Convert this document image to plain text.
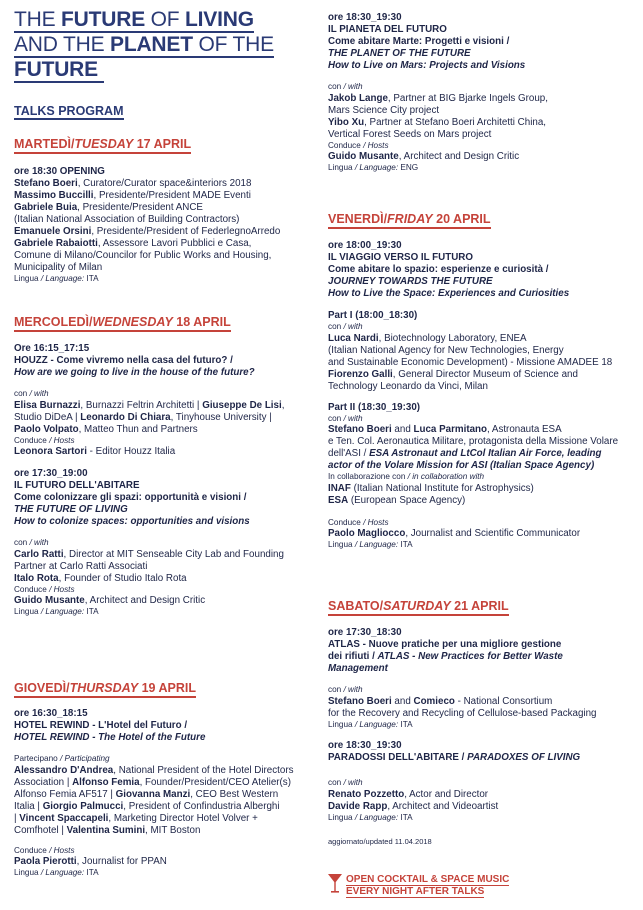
THE FUTURE OF LIVING
AND THE PLANET OF THE
FUTURE
TALKS PROGRAM
MARTEDÌ/TUESDAY 17 APRIL

ore 18:30 OPENING

Stefano Boeri, Curatore/Curator space&interiors 2018

Massimo Buccilli, Presidente/President MADE Eventi

Gabriele Buia, Presidente/President ANCE

(Italian National Association of Building Contractors)

Emanuele Orsini, Presidente/President of FederlegnoArredo

Gabriele Rabaiotti, Assessore Lavori Pubblici e Casa,

Comune di Milano/Councilor for Public Works and Housing,

Municipality of Milan

Lingua / Language: ITA

MERCOLEDÌ/WEDNESDAY 18 APRIL

Ore 16:15_17:15

HOUZZ - Come vivremo nella casa del futuro? /

How are we going to live in the house of the future?

con / with

Elisa Burnazzi, Burnazzi Feltrin Architetti | Giuseppe De Lisi,

Studio DiDeA | Leonardo Di Chiara, Tinyhouse University |

Paolo Volpato, Matteo Thun and Partners

Conduce / Hosts

Leonora Sartori - Editor Houzz Italia

ore 17:30_19:00

IL FUTURO DELL'ABITARE

Come colonizzare gli spazi: opportunità e visioni /

THE FUTURE OF LIVING

How to colonize spaces: opportunities and visions

con / with

Carlo Ratti, Director at MIT Senseable City Lab and Founding

Partner at Carlo Ratti Associati

Italo Rota, Founder of Studio Italo Rota

Conduce / Hosts

Guido Musante, Architect and Design Critic

Lingua / Language: ITA

GIOVEDÌ/THURSDAY 19 APRIL

ore 16:30_18:15

HOTEL REWIND - L'Hotel del Futuro /

HOTEL REWIND - The Hotel of the Future

Partecipano / Participating

Alessandro D'Andrea, National President of the Hotel Directors

Association | Alfonso Femia, Founder/President/CEO Atelier(s)

Alfonso Femia AF517 | Giovanna Manzi, CEO Best Western

Italia | Giorgio Palmucci, President of Confindustria Alberghi

| Vincent Spaccapeli, Marketing Director Hotel Volver +

Comfhotel | Valentina Sumini, MIT Boston

Conduce / Hosts

Paola Pierotti, Journalist for PPAN

Lingua / Language: ITA

ore 18:30_19:30

IL PIANETA DEL FUTURO

Come abitare Marte: Progetti e visioni /

THE PLANET OF THE FUTURE

How to Live on Mars: Projects and Visions

con / with

Jakob Lange, Partner at BIG Bjarke Ingels Group,

Mars Science City project

Yibo Xu, Partner at Stefano Boeri Architetti China,

Vertical Forest Seeds on Mars project

Conduce / Hosts

Guido Musante, Architect and Design Critic

Lingua / Language: ENG

VENERDÌ/FRIDAY 20 APRIL

ore 18:00_19:30

IL VIAGGIO VERSO IL FUTURO

Come abitare lo spazio: esperienze e curiosità /

JOURNEY TOWARDS THE FUTURE

How to Live the Space: Experiences and Curiosities

Part I (18:00_18:30)

con / with

Luca Nardi, Biotechnology Laboratory, ENEA

(Italian National Agency for New Technologies, Energy

and Sustainable Economic Development) - Missione AMADEE 18

Fiorenzo Galli, General Director Museum of Science and

Technology Leonardo da Vinci, Milan

Part II (18:30_19:30)

con / with

Stefano Boeri and Luca Parmitano, Astronauta ESA

e Ten. Col. Aeronautica Militare, protagonista della Missione Volare

dell'ASI / ESA Astronaut and LtCol Italian Air Force, leading

actor of the Volare Mission for ASI (Italian Space Agency)

In collaborazione con / in collaboration with

INAF (Italian National Institute for Astrophysics)

ESA (European Space Agency)

Conduce / Hosts

Paolo Magliocco, Journalist and Scientific Communicator

Lingua / Language: ITA

SABATO/SATURDAY 21 APRIL

ore 17:30_18:30

ATLAS - Nuove pratiche per una migliore gestione

dei rifiuti / ATLAS - New Practices for Better Waste

Management

con / with

Stefano Boeri and Comieco - National Consortium

for the Recovery and Recycling of Cellulose-based Packaging

Lingua / Language: ITA

ore 18:30_19:30

PARADOSSI DELL'ABITARE / PARADOXES OF LIVING

con / with

Renato Pozzetto, Actor and Director

Davide Rapp, Architect and Videoartist

Lingua / Language: ITA

aggiornato/updated 11.04.2018

OPEN COCKTAIL & SPACE MUSIC
EVERY NIGHT AFTER TALKS
